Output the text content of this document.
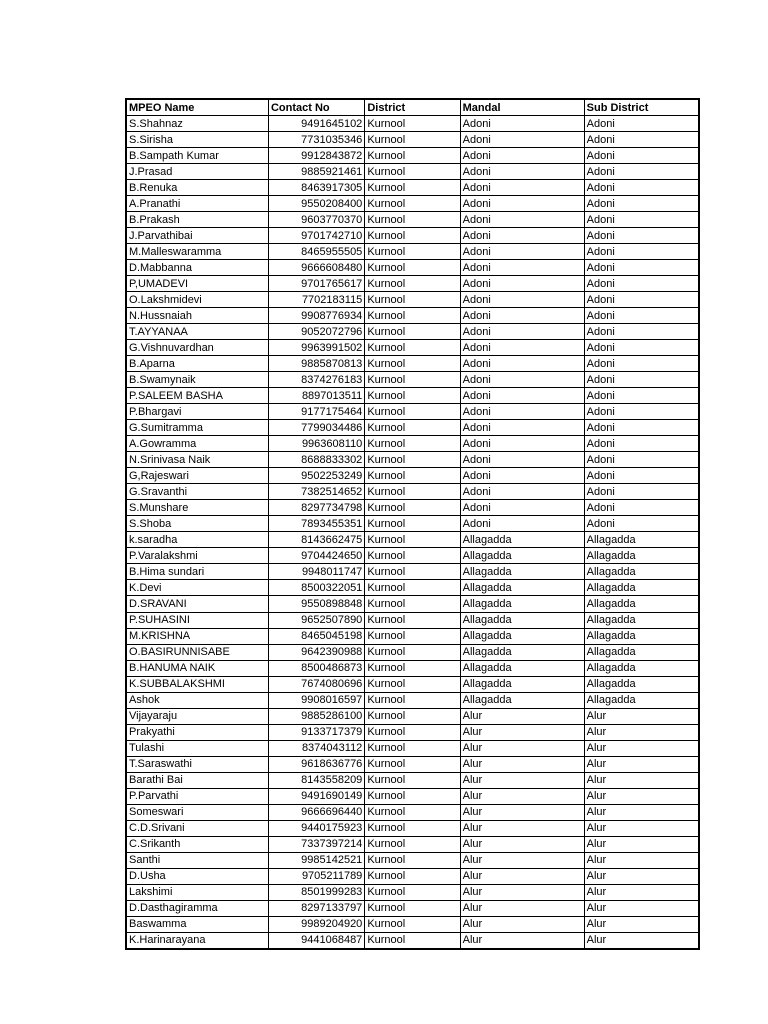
MPEO Name	Contact No	District	Mandal	Sub District
S.Shahnaz	9491645102	Kurnool	Adoni	Adoni
S.Sirisha	7731035346	Kurnool	Adoni	Adoni
B.Sampath Kumar	9912843872	Kurnool	Adoni	Adoni
J.Prasad	9885921461	Kurnool	Adoni	Adoni
B.Renuka	8463917305	Kurnool	Adoni	Adoni
A.Pranathi	9550208400	Kurnool	Adoni	Adoni
B.Prakash	9603770370	Kurnool	Adoni	Adoni
J.Parvathibai	9701742710	Kurnool	Adoni	Adoni
M.Malleswaramma	8465955505	Kurnool	Adoni	Adoni
D.Mabbanna	9666608480	Kurnool	Adoni	Adoni
P,UMADEVI	9701765617	Kurnool	Adoni	Adoni
O.Lakshmidevi	7702183115	Kurnool	Adoni	Adoni
N.Hussnaiah	9908776934	Kurnool	Adoni	Adoni
T.AYYANAA	9052072796	Kurnool	Adoni	Adoni
G.Vishnuvardhan	9963991502	Kurnool	Adoni	Adoni
B.Aparna	9885870813	Kurnool	Adoni	Adoni
B.Swamynaik	8374276183	Kurnool	Adoni	Adoni
P.SALEEM BASHA	8897013511	Kurnool	Adoni	Adoni
P.Bhargavi	9177175464	Kurnool	Adoni	Adoni
G.Sumitramma	7799034486	Kurnool	Adoni	Adoni
A.Gowramma	9963608110	Kurnool	Adoni	Adoni
N.Srinivasa Naik	8688833302	Kurnool	Adoni	Adoni
G,Rajeswari	9502253249	Kurnool	Adoni	Adoni
G.Sravanthi	7382514652	Kurnool	Adoni	Adoni
S.Munshare	8297734798	Kurnool	Adoni	Adoni
S.Shoba	7893455351	Kurnool	Adoni	Adoni
k.saradha	8143662475	Kurnool	Allagadda	Allagadda
P.Varalakshmi	9704424650	Kurnool	Allagadda	Allagadda
B.Hima sundari	9948011747	Kurnool	Allagadda	Allagadda
K.Devi	8500322051	Kurnool	Allagadda	Allagadda
D.SRAVANI	9550898848	Kurnool	Allagadda	Allagadda
P.SUHASINI	9652507890	Kurnool	Allagadda	Allagadda
M.KRISHNA	8465045198	Kurnool	Allagadda	Allagadda
O.BASIRUNNISABE	9642390988	Kurnool	Allagadda	Allagadda
B.HANUMA NAIK	8500486873	Kurnool	Allagadda	Allagadda
K.SUBBALAKSHMI	7674080696	Kurnool	Allagadda	Allagadda
Ashok	9908016597	Kurnool	Allagadda	Allagadda
Vijayaraju	9885286100	Kurnool	Alur	Alur
Prakyathi	9133717379	Kurnool	Alur	Alur
Tulashi	8374043112	Kurnool	Alur	Alur
T.Saraswathi	9618636776	Kurnool	Alur	Alur
Barathi Bai	8143558209	Kurnool	Alur	Alur
P.Parvathi	9491690149	Kurnool	Alur	Alur
Someswari	9666696440	Kurnool	Alur	Alur
C.D.Srivani	9440175923	Kurnool	Alur	Alur
C.Srikanth	7337397214	Kurnool	Alur	Alur
Santhi	9985142521	Kurnool	Alur	Alur
D.Usha	9705211789	Kurnool	Alur	Alur
Lakshimi	8501999283	Kurnool	Alur	Alur
D.Dasthagiramma	8297133797	Kurnool	Alur	Alur
Baswamma	9989204920	Kurnool	Alur	Alur
K.Harinarayana	9441068487	Kurnool	Alur	Alur
